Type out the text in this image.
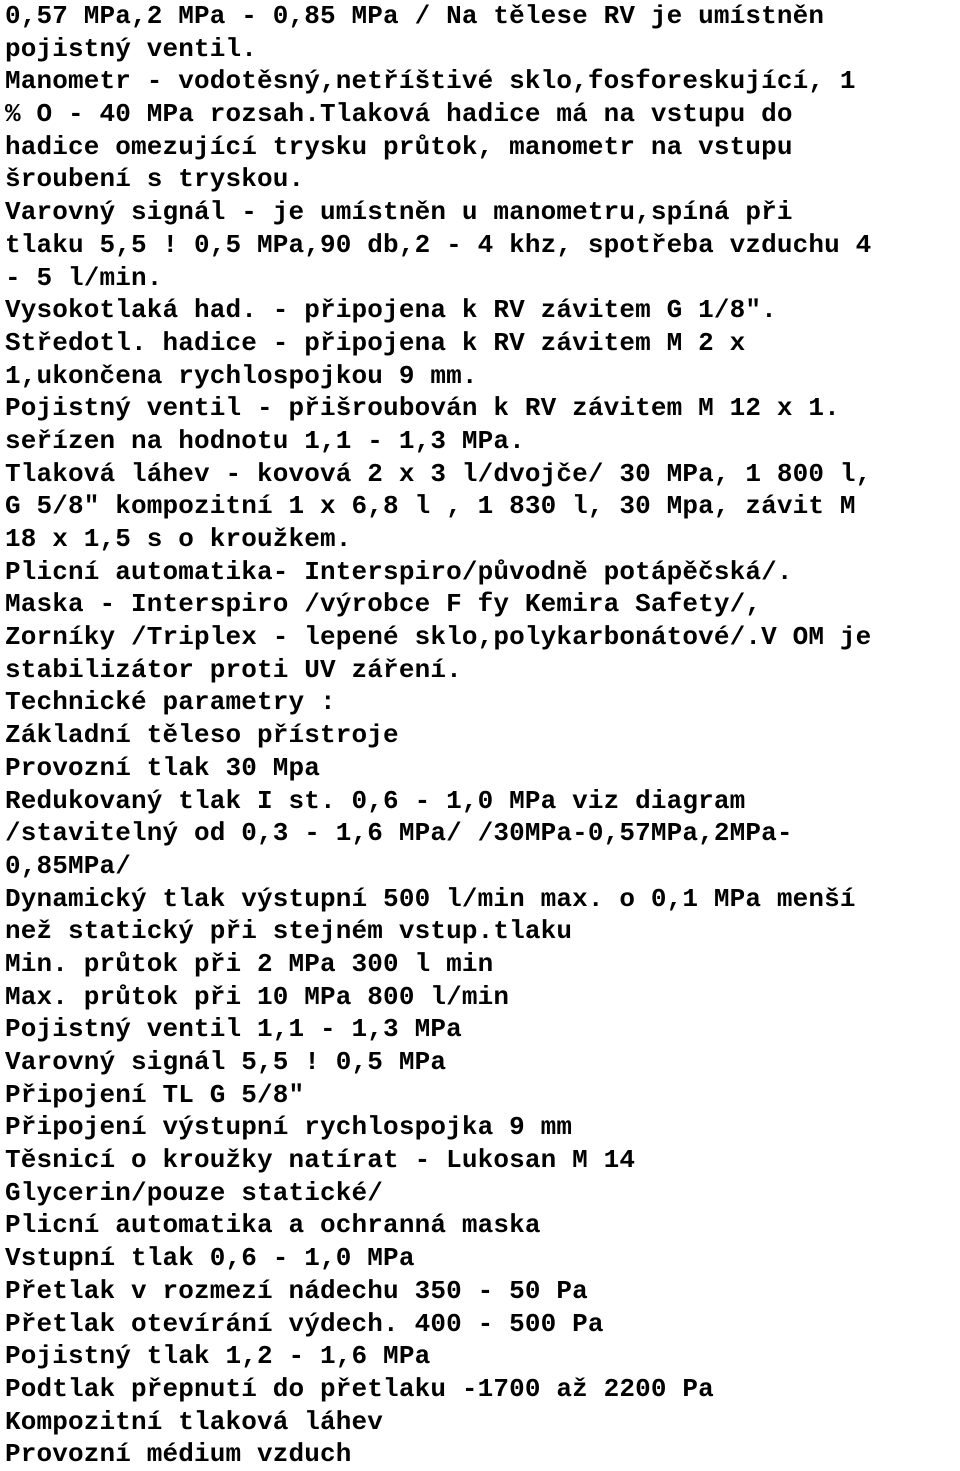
0,57 MPa,2 MPa - 0,85 MPa / Na tělese RV je umístněn
pojistný ventil.
Manometr - vodotěsný,netříštivé sklo,fosforeskující, 1
% O - 40 MPa rozsah.Tlaková hadice má na vstupu do
hadice omezující trysku průtok, manometr na vstupu
šroubení s tryskou.
Varovný signál - je umístněn u manometru,spíná při
tlaku 5,5 ! 0,5 MPa,90 db,2 - 4 khz, spotřeba vzduchu 4
- 5 l/min.
Vysokotlaká had. - připojena k RV závitem G 1/8".
Středotl. hadice - připojena k RV závitem M 2 x
1,ukončena rychlospojkou 9 mm.
Pojistný ventil - přišroubován k RV závitem M 12 x 1.
seřízen na hodnotu 1,1 - 1,3 MPa.
Tlaková láhev - kovová 2 x 3 l/dvojče/ 30 MPa, 1 800 l,
G 5/8" kompozitní 1 x 6,8 l , 1 830 l, 30 Mpa, závit M
18 x 1,5 s o kroužkem.
Plicní automatika- Interspiro/původně potápěčská/.
Maska - Interspiro /výrobce F fy Kemira Safety/,
Zorníky /Triplex - lepené sklo,polykarbonátové/.V OM je
stabilizátor proti UV záření.
Technické parametry :
Základní těleso přístroje
Provozní tlak 30 Mpa
Redukovaný tlak I st. 0,6 - 1,0 MPa viz diagram
/stavitelný od 0,3 - 1,6 MPa/ /30MPa-0,57MPa,2MPa-
0,85MPa/
Dynamický tlak výstupní 500 l/min max. o 0,1 MPa menší
než statický při stejném vstup.tlaku
Min. průtok při 2 MPa 300 l min
Max. průtok při 10 MPa 800 l/min
Pojistný ventil 1,1 - 1,3 MPa
Varovný signál 5,5 ! 0,5 MPa
Připojení TL G 5/8"
Připojení výstupní rychlospojka 9 mm
Těsnicí o kroužky natírat - Lukosan M 14
Glycerin/pouze statické/
Plicní automatika a ochranná maska
Vstupní tlak 0,6 - 1,0 MPa
Přetlak v rozmezí nádechu 350 - 50 Pa
Přetlak otevírání výdech. 400 - 500 Pa
Pojistný tlak 1,2 - 1,6 MPa
Podtlak přepnutí do přetlaku -1700 až 2200 Pa
Kompozitní tlaková láhev
Provozní médium vzduch
